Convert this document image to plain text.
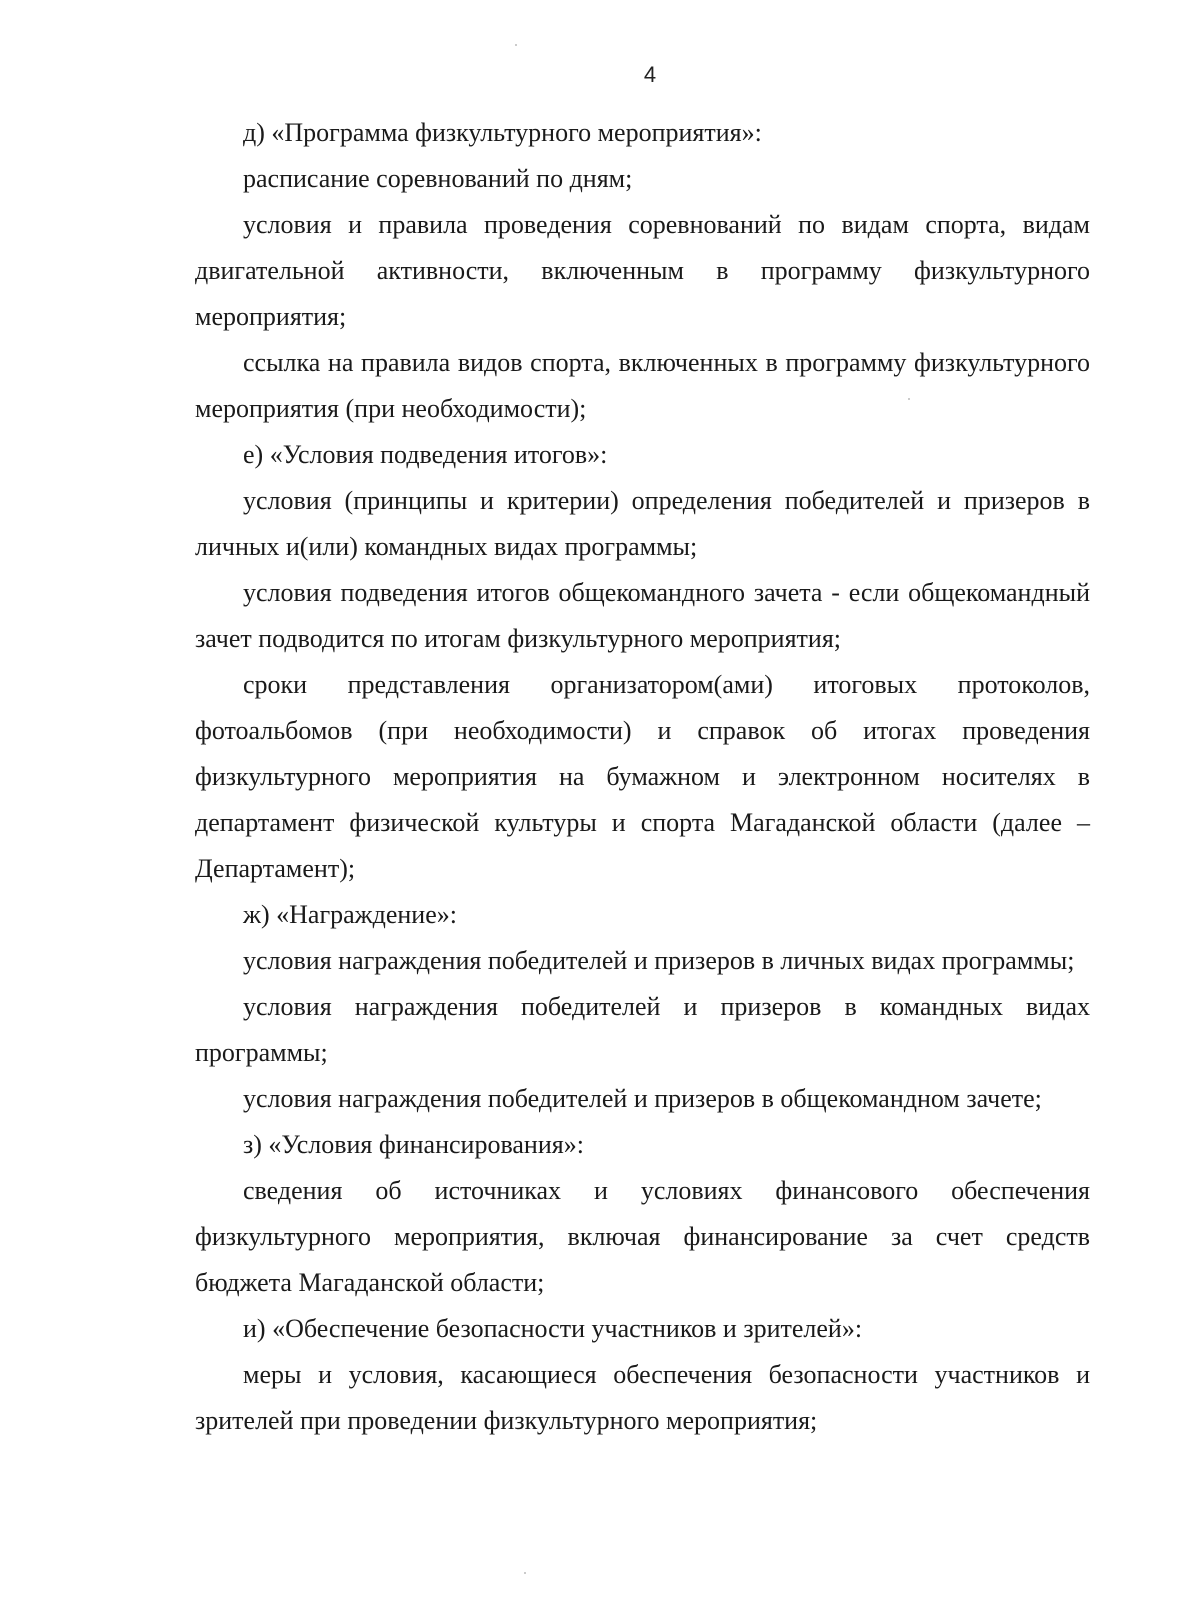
4

д) «Программа физкультурного мероприятия»:

расписание соревнований по дням;

условия и правила проведения соревнований по видам спорта, видам двигательной активности, включенным в программу физкультурного мероприятия;

ссылка на правила видов спорта, включенных в программу физкультурного мероприятия (при необходимости);

е) «Условия подведения итогов»:

условия (принципы и критерии) определения победителей и призеров в личных и(или) командных видах программы;

условия подведения итогов общекомандного зачета - если общекомандный зачет подводится по итогам физкультурного мероприятия;

сроки представления организатором(ами) итоговых протоколов, фотоальбомов (при необходимости) и справок об итогах проведения физкультурного мероприятия на бумажном и электронном носителях в департамент физической культуры и спорта Магаданской области (далее – Департамент);

ж) «Награждение»:

условия награждения победителей и призеров в личных видах программы;

условия награждения победителей и призеров в командных видах программы;

условия награждения победителей и призеров в общекомандном зачете;

з) «Условия финансирования»:

сведения об источниках и условиях финансового обеспечения физкультурного мероприятия, включая финансирование за счет средств бюджета Магаданской области;

и) «Обеспечение безопасности участников и зрителей»:

меры и условия, касающиеся обеспечения безопасности участников и зрителей при проведении физкультурного мероприятия;
